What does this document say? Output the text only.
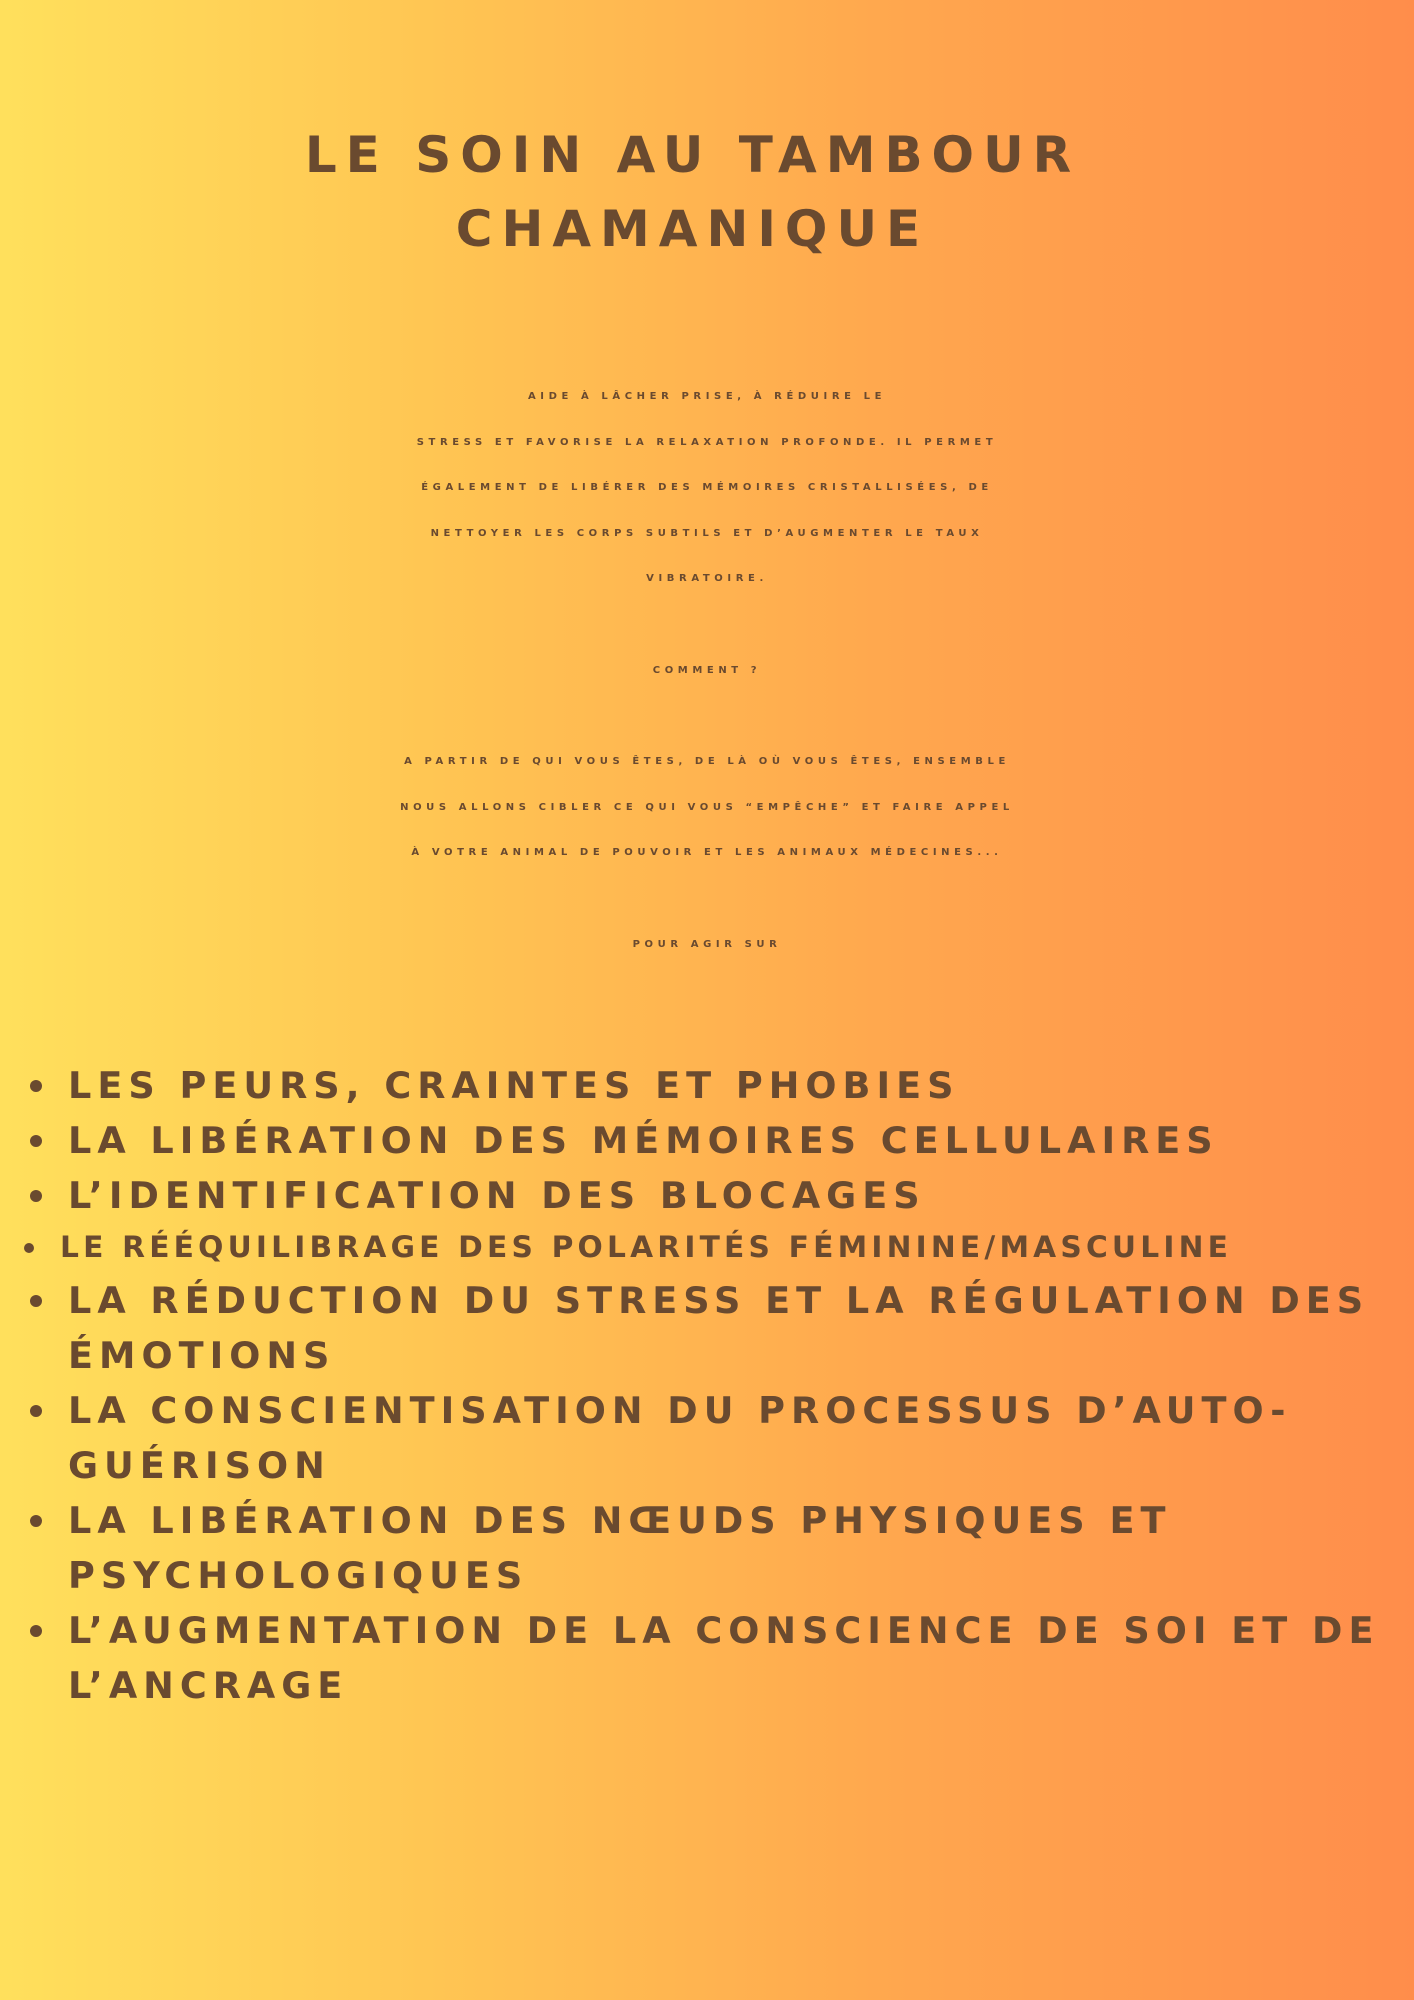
LE SOIN AU TAMBOUR
CHAMANIQUE

AIDE À LÂCHER PRISE, À RÉDUIRE LE
STRESS ET FAVORISE LA RELAXATION PROFONDE. IL PERMET
ÉGALEMENT DE LIBÉRER DES MÉMOIRES CRISTALLISÉES, DE
NETTOYER LES CORPS SUBTILS ET D’AUGMENTER LE TAUX
VIBRATOIRE.

COMMENT ?

A PARTIR DE QUI VOUS ÊTES, DE LÀ OÙ VOUS ÊTES, ENSEMBLE
NOUS ALLONS CIBLER CE QUI VOUS “EMPÊCHE” ET FAIRE APPEL
À VOTRE ANIMAL DE POUVOIR ET LES ANIMAUX MÉDECINES...

POUR AGIR SUR

LES PEURS, CRAINTES ET PHOBIES
LA LIBÉRATION DES MÉMOIRES CELLULAIRES
L’IDENTIFICATION DES BLOCAGES
LE RÉÉQUILIBRAGE DES POLARITÉS FÉMININE/MASCULINE
LA RÉDUCTION DU STRESS ET LA RÉGULATION DES
ÉMOTIONS
LA CONSCIENTISATION DU PROCESSUS D’AUTO-
GUÉRISON
LA LIBÉRATION DES NŒUDS PHYSIQUES ET
PSYCHOLOGIQUES
L’AUGMENTATION DE LA CONSCIENCE DE SOI ET DE
L’ANCRAGE
